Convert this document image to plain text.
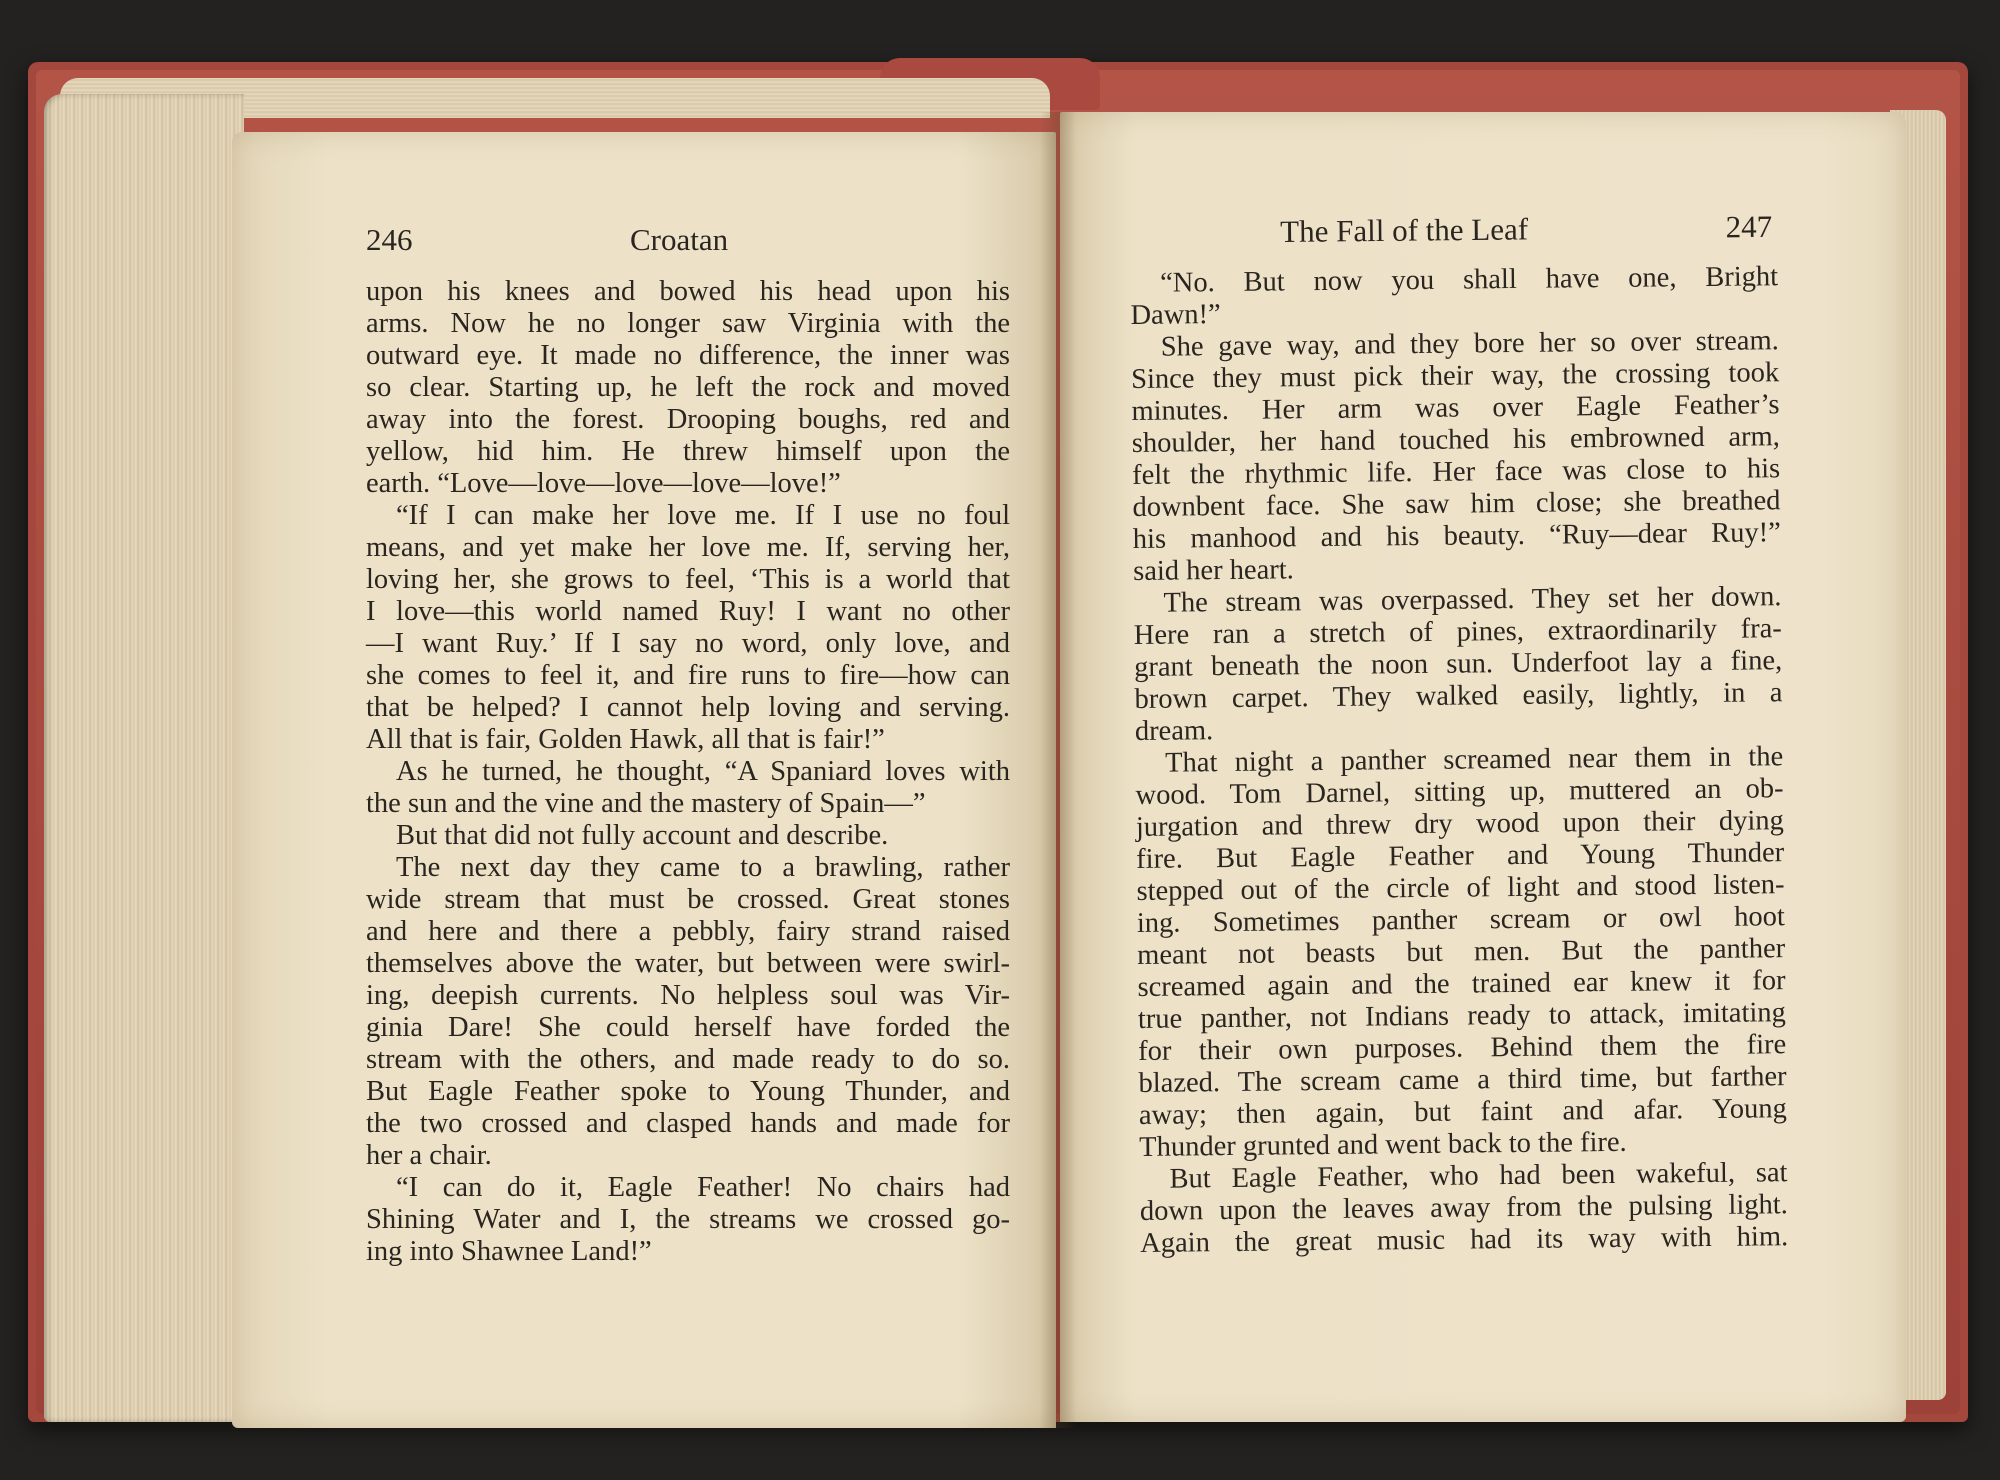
246	Croatan	The Fall of the Leaf	247
upon his knees and bowed his head upon his
arms. Now he no longer saw Virginia with the
outward eye. It made no difference, the inner was
so clear. Starting up, he left the rock and moved
away into the forest. Drooping boughs, red and
yellow, hid him. He threw himself upon the
earth. “Love—love—love—love—love!”
“If I can make her love me. If I use no foul
means, and yet make her love me. If, serving her,
loving her, she grows to feel, ‘This is a world that
I love—this world named Ruy! I want no other
—I want Ruy.’ If I say no word, only love, and
she comes to feel it, and fire runs to fire—how can
that be helped? I cannot help loving and serving.
All that is fair, Golden Hawk, all that is fair!”
As he turned, he thought, “A Spaniard loves with
the sun and the vine and the mastery of Spain—”
But that did not fully account and describe.
The next day they came to a brawling, rather
wide stream that must be crossed. Great stones
and here and there a pebbly, fairy strand raised
themselves above the water, but between were swirl-
ing, deepish currents. No helpless soul was Vir-
ginia Dare! She could herself have forded the
stream with the others, and made ready to do so.
But Eagle Feather spoke to Young Thunder, and
the two crossed and clasped hands and made for
her a chair.
“I can do it, Eagle Feather! No chairs had
Shining Water and I, the streams we crossed go-
ing into Shawnee Land!”
“No. But now you shall have one, Bright
Dawn!”
She gave way, and they bore her so over stream.
Since they must pick their way, the crossing took
minutes. Her arm was over Eagle Feather’s
shoulder, her hand touched his embrowned arm,
felt the rhythmic life. Her face was close to his
downbent face. She saw him close; she breathed
his manhood and his beauty. “Ruy—dear Ruy!”
said her heart.
The stream was overpassed. They set her down.
Here ran a stretch of pines, extraordinarily fra-
grant beneath the noon sun. Underfoot lay a fine,
brown carpet. They walked easily, lightly, in a
dream.
That night a panther screamed near them in the
wood. Tom Darnel, sitting up, muttered an ob-
jurgation and threw dry wood upon their dying
fire. But Eagle Feather and Young Thunder
stepped out of the circle of light and stood listen-
ing. Sometimes panther scream or owl hoot
meant not beasts but men. But the panther
screamed again and the trained ear knew it for
true panther, not Indians ready to attack, imitating
for their own purposes. Behind them the fire
blazed. The scream came a third time, but farther
away; then again, but faint and afar. Young
Thunder grunted and went back to the fire.
But Eagle Feather, who had been wakeful, sat
down upon the leaves away from the pulsing light.
Again the great music had its way with him.
